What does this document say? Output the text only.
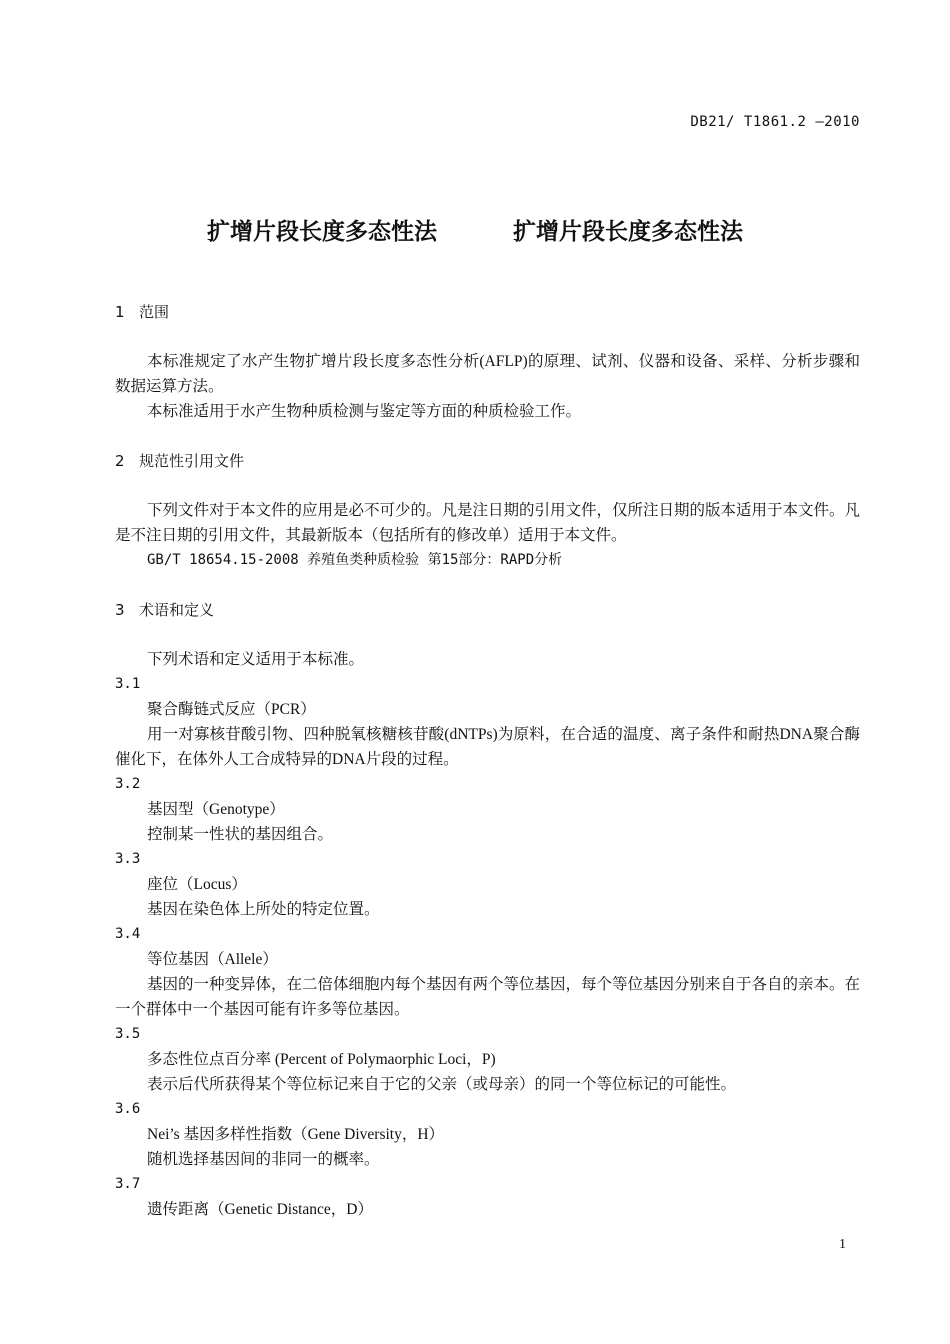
DB21/ T1861.2 —2010
扩增片段长度多态性法	扩增片段长度多态性法
1 范围
本标准规定了水产生物扩增片段长度多态性分析(AFLP)的原理、试剂、仪器和设备、采样、分析步骤和数据运算方法。
本标准适用于水产生物种质检测与鉴定等方面的种质检验工作。
2 规范性引用文件
下列文件对于本文件的应用是必不可少的。凡是注日期的引用文件，仅所注日期的版本适用于本文件。凡是不注日期的引用文件，其最新版本（包括所有的修改单）适用于本文件。
GB/T 18654.15-2008 养殖鱼类种质检验 第15部分：RAPD分析
3 术语和定义
下列术语和定义适用于本标准。
3.1
聚合酶链式反应（PCR）
用一对寡核苷酸引物、四种脱氧核糖核苷酸(dNTPs)为原料，在合适的温度、离子条件和耐热DNA聚合酶催化下，在体外人工合成特异的DNA片段的过程。
3.2
基因型（Genotype）
控制某一性状的基因组合。
3.3
座位（Locus）
基因在染色体上所处的特定位置。
3.4
等位基因（Allele）
基因的一种变异体，在二倍体细胞内每个基因有两个等位基因，每个等位基因分别来自于各自的亲本。在一个群体中一个基因可能有许多等位基因。
3.5
多态性位点百分率 (Percent of Polymaorphic Loci，P)
表示后代所获得某个等位标记来自于它的父亲（或母亲）的同一个等位标记的可能性。
3.6
Nei’s 基因多样性指数（Gene Diversity，H）
随机选择基因间的非同一的概率。
3.7
遗传距离（Genetic Distance，D）
1
